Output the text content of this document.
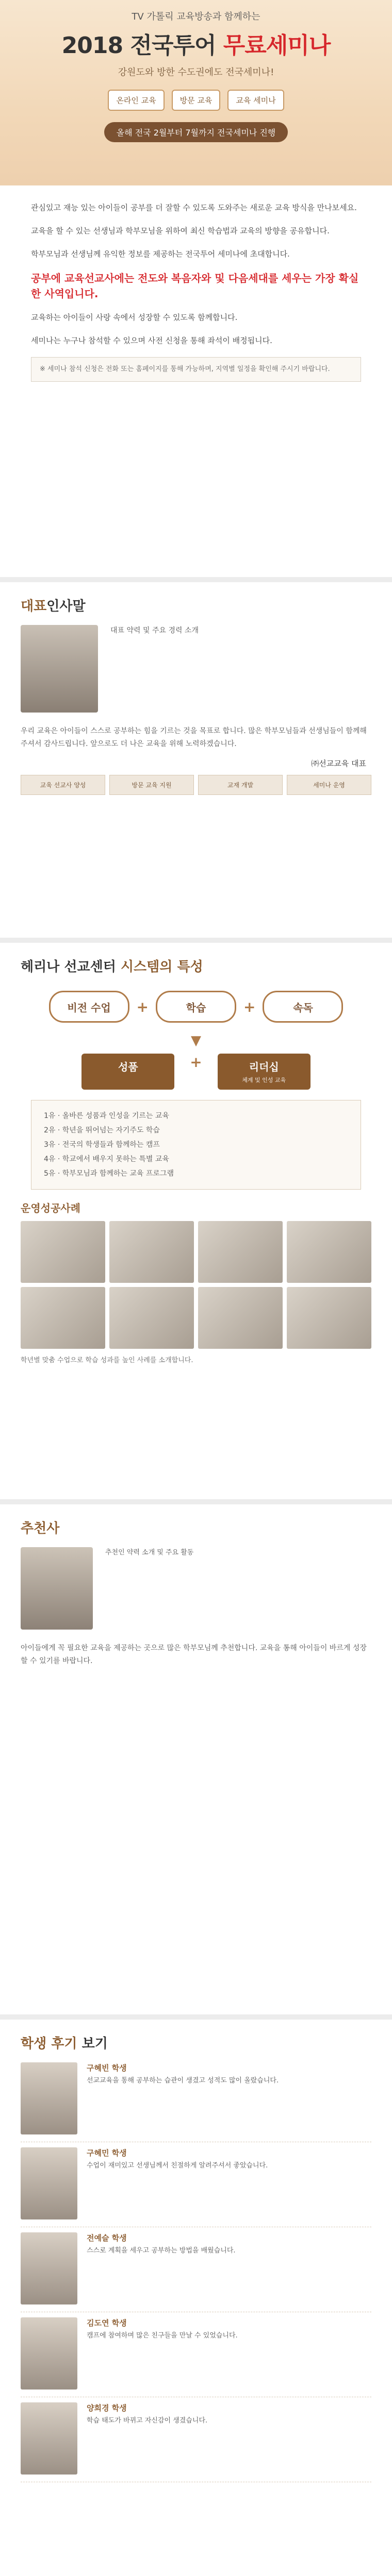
TV 가톨릭 교육방송과 함께하는
2018 전국투어 무료세미나
강원도와 방한 수도권에도 전국세미나!
온라인 교육	방문 교육	교육 세미나
올해 전국 2월부터 7월까지 전국세미나 진행

관심있고 재능 있는 아이들이 공부를 더 잘할 수 있도록 도와주는 새로운 교육 방식을 만나보세요.

교육을 할 수 있는 선생님과 학부모님을 위하여 최신 학습법과 교육의 방향을 공유합니다.

학부모님과 선생님께 유익한 정보를 제공하는 전국투어 세미나에 초대합니다.

공부에 교육선교사에는 전도와 복음자와 및 다음세대를 세우는 가장 확실한 사역입니다.

교육하는 아이들이 사랑 속에서 성장할 수 있도록 함께합니다.

세미나는 누구나 참석할 수 있으며 사전 신청을 통해 좌석이 배정됩니다.

※ 세미나 참석 신청은 전화 또는 홈페이지를 통해 가능하며, 지역별 일정을 확인해 주시기 바랍니다.
대표인사말
대표 약력 및 주요 경력 소개
우리 교육은 아이들이 스스로 공부하는 힘을 기르는 것을 목표로 합니다. 많은 학부모님들과 선생님들이 함께해 주셔서 감사드립니다. 앞으로도 더 나은 교육을 위해 노력하겠습니다.
㈜선교교육 대표
교육 선교사 양성	방문 교육 지원	교재 개발	세미나 운영
헤리나 선교센터 시스템의 특성
비전 수업	+	학습	+	속독
▼
성품	+	리더십
체계 및 인성 교육
1유 · 올바른 성품과 인성을 기르는 교육
2유 · 학년을 뛰어넘는 자기주도 학습
3유 · 전국의 학생들과 함께하는 캠프
4유 · 학교에서 배우지 못하는 특별 교육
5유 · 학부모님과 함께하는 교육 프로그램
운영성공사례
학년별 맞춤 수업으로 학습 성과를 높인 사례를 소개합니다.
추천사
추천인 약력 소개 및 주요 활동
아이들에게 꼭 필요한 교육을 제공하는 곳으로 많은 학부모님께 추천합니다. 교육을 통해 아이들이 바르게 성장할 수 있기를 바랍니다.
학생 후기 보기
구혜빈 학생
선교교육을 통해 공부하는 습관이 생겼고 성적도 많이 올랐습니다.
구혜민 학생
수업이 재미있고 선생님께서 친절하게 알려주셔서 좋았습니다.
전예슬 학생
스스로 계획을 세우고 공부하는 방법을 배웠습니다.
김도연 학생
캠프에 참여하며 많은 친구들을 만날 수 있었습니다.
양희경 학생
학습 태도가 바뀌고 자신감이 생겼습니다.
